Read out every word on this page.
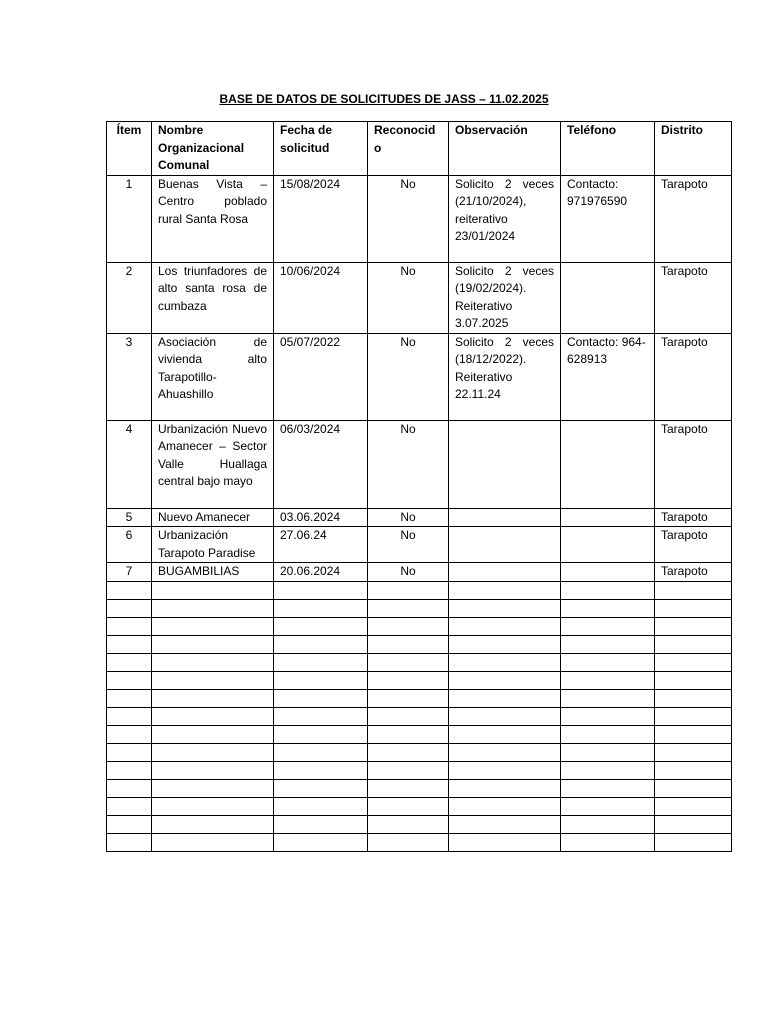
BASE DE DATOS DE SOLICITUDES DE JASS – 11.02.2025
Ítem	Nombre Organizacional Comunal	Fecha de solicitud	Reconocido	Observación	Teléfono	Distrito
1	Buenas Vista – Centro poblado rural Santa Rosa	15/08/2024	No	Solicito 2 veces (21/10/2024), reiterativo 23/01/2024	Contacto: 971976590	Tarapoto
2	Los triunfadores de alto santa rosa de cumbaza	10/06/2024	No	Solicito 2 veces (19/02/2024). Reiterativo 3.07.2025		Tarapoto
3	Asociación de vivienda alto Tarapotillo-Ahuashillo	05/07/2022	No	Solicito 2 veces (18/12/2022). Reiterativo 22.11.24	Contacto: 964-628913	Tarapoto
4	Urbanización Nuevo Amanecer – Sector Valle Huallaga central bajo mayo	06/03/2024	No			Tarapoto
5	Nuevo Amanecer	03.06.2024	No			Tarapoto
6	Urbanización Tarapoto Paradise	27.06.24	No			Tarapoto
7	BUGAMBILIAS	20.06.2024	No			Tarapoto
